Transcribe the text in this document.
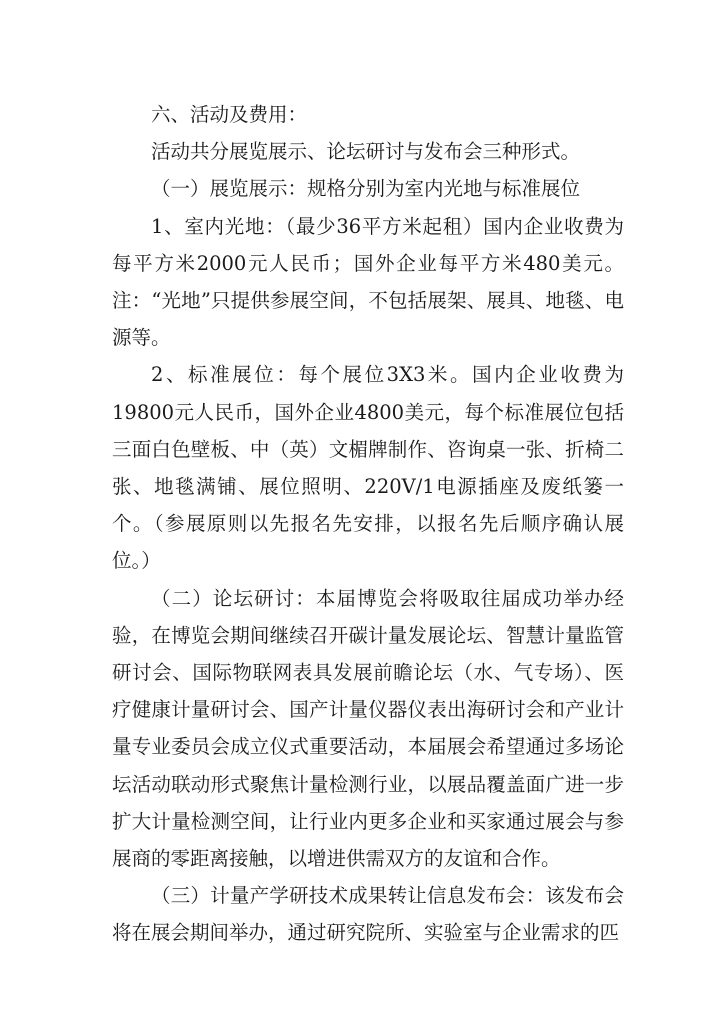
六、活动及费用：

活动共分展览展示、论坛研讨与发布会三种形式。

（一）展览展示：规格分别为室内光地与标准展位

1、室内光地：（最少36平方米起租）国内企业收费为每平方米2000元人民币；国外企业每平方米480美元。注：“光地”只提供参展空间，不包括展架、展具、地毯、电源等。

2、标准展位：每个展位3X3米。国内企业收费为19800元人民币，国外企业4800美元，每个标准展位包括三面白色壁板、中（英）文楣牌制作、咨询桌一张、折椅二张、地毯满铺、展位照明、220V/1电源插座及废纸篓一个。（参展原则以先报名先安排，以报名先后顺序确认展位。）

（二）论坛研讨：本届博览会将吸取往届成功举办经验，在博览会期间继续召开碳计量发展论坛、智慧计量监管研讨会、国际物联网表具发展前瞻论坛（水、气专场）、医疗健康计量研讨会、国产计量仪器仪表出海研讨会和产业计量专业委员会成立仪式重要活动，本届展会希望通过多场论坛活动联动形式聚焦计量检测行业，以展品覆盖面广进一步扩大计量检测空间，让行业内更多企业和买家通过展会与参展商的零距离接触，以增进供需双方的友谊和合作。

（三）计量产学研技术成果转让信息发布会：该发布会将在展会期间举办，通过研究院所、实验室与企业需求的匹
